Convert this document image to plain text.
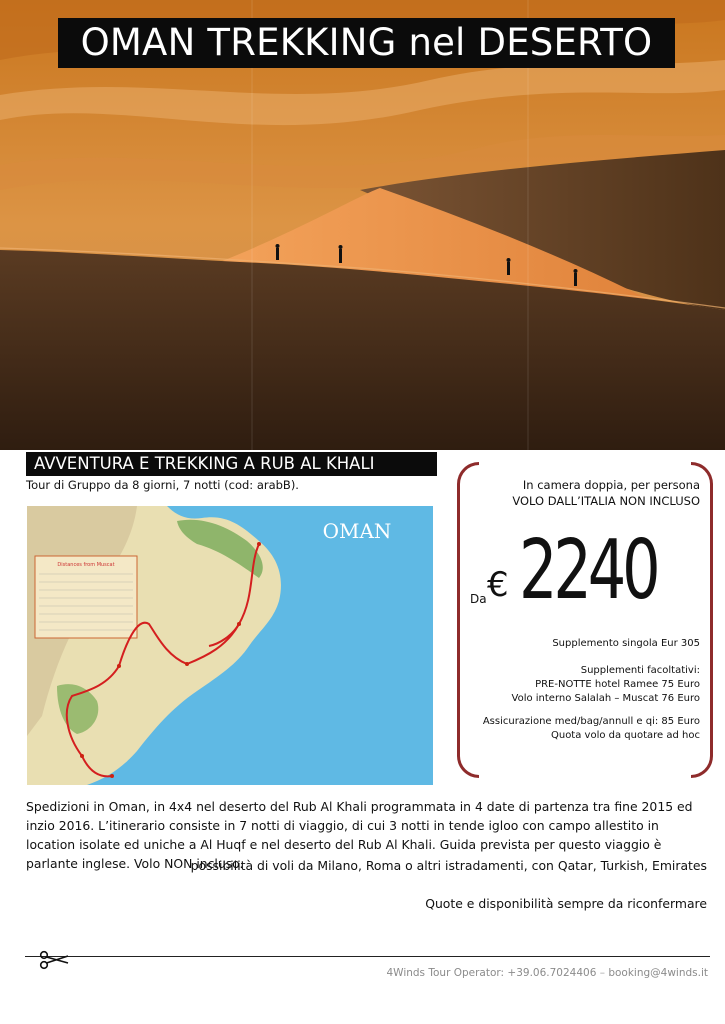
OMAN TREKKING nel DESERTO
AVVENTURA E TREKKING A RUB AL KHALI
Tour di Gruppo da 8 giorni, 7 notti (cod: arabB).
Distances from Muscat
OMAN
In camera doppia, per persona
VOLO DALL’ITALIA NON INCLUSO
Supplemento singola Eur 305
Supplementi facoltativi:
PRE-NOTTE hotel Ramee 75 Euro
Volo interno Salalah – Muscat 76 Euro
Assicurazione med/bag/annull e qi: 85 Euro
Quota volo da quotare ad hoc
Da € 2240
Spedizioni in Oman, in 4x4 nel deserto del Rub Al Khali programmata in 4 date di partenza tra fine 2015 ed inzio 2016. L’itinerario consiste in 7 notti di viaggio, di cui 3 notti in tende igloo con campo allestito in location isolate ed uniche a Al Huqf e nel deserto del Rub Al Khali. Guida prevista per questo viaggio è parlante inglese. Volo NON incluso.
possibilità di voli da Milano, Roma o altri istradamenti, con Qatar, Turkish, Emirates
Quote e disponibilità sempre da riconfermare
4Winds Tour Operator: +39.06.7024406 – booking@4winds.it
